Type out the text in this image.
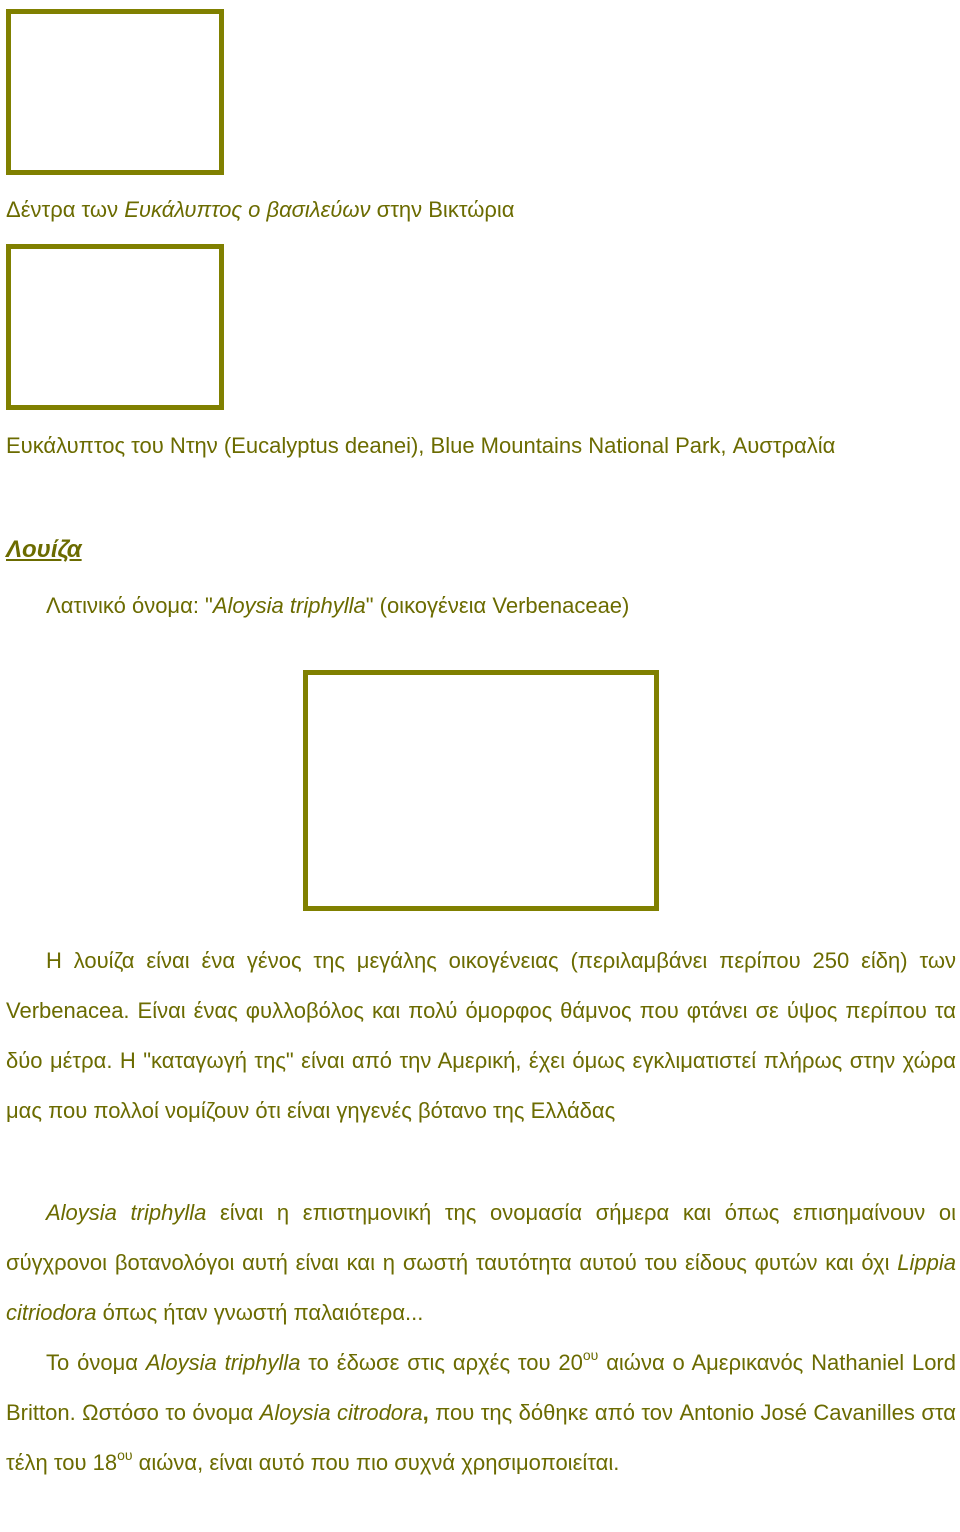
Δέντρα των Ευκάλυπτος ο βασιλεύων στην Βικτώρια

Ευκάλυπτος του Ντην (Eucalyptus deanei), Blue Mountains National Park, Αυστραλία

Λουίζα

Λατινικό όνομα: "Aloysia triphylla" (οικογένεια Verbenaceae)

Η λουίζα είναι ένα γένος της μεγάλης οικογένειας (περιλαμβάνει περίπου 250 είδη) των Verbenacea. Είναι ένας φυλλοβόλος και πολύ όμορφος θάμνος που φτάνει σε ύψος περίπου τα δύο μέτρα. Η "καταγωγή της" είναι από την Αμερική, έχει όμως εγκλιματιστεί πλήρως στην χώρα μας που πολλοί νομίζουν ότι είναι γηγενές βότανο της Ελλάδας

Aloysia triphylla είναι η επιστημονική της ονομασία σήμερα και όπως επισημαίνουν οι σύγχρονοι βοτανολόγοι αυτή είναι και η σωστή ταυτότητα αυτού του είδους φυτών και όχι Lippia citriodora όπως ήταν γνωστή παλαιότερα...

Το όνομα Aloysia triphylla το έδωσε στις αρχές του $20^{o\upsilon}$ αιώνα ο Αμερικανός Nathaniel Lord Britton. Ωστόσο το όνομα Aloysia citrodora, που της δόθηκε από τον Antonio José Cavanilles στα τέλη του $18^{o\upsilon}$ αιώνα, είναι αυτό που πιο συχνά χρησιμοποιείται.
